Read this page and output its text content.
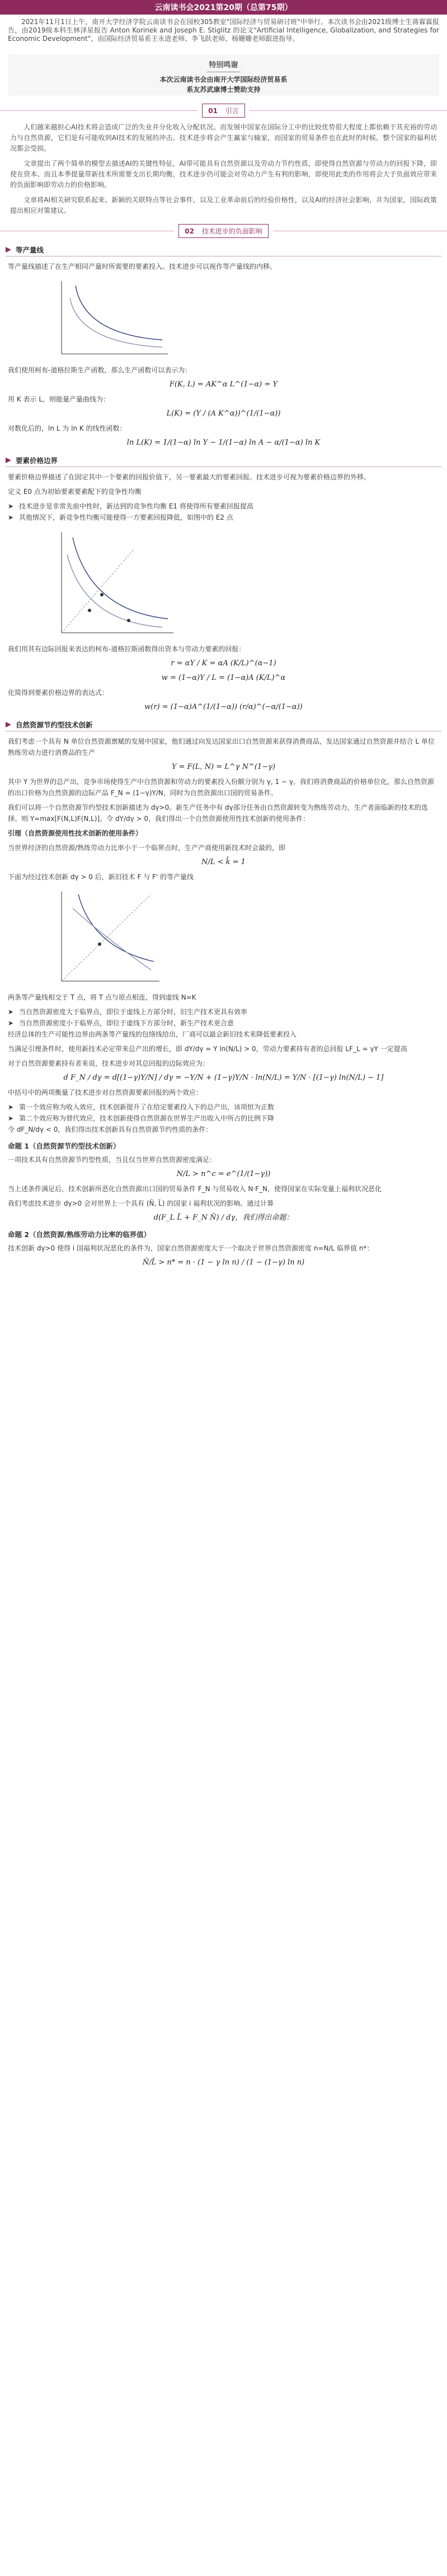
云南读书会2021第20期（总第75期）

2021年11月1日上午，南开大学经济学院云南读书会在园校305教室"国际经济与贸易研讨班"中举行。本次读书会由2021级博士生蒋霖霖报告，由2019级本科生林泽星报告 Anton Korinek and Joseph E. Stiglitz 的论文"Artificial Intelligence, Globalization, and Strategies for Economic Development"，由国际经济贸易系王永进老师、李飞跃老师、杨姗姗老师跟进指导。

特别鸣谢
本次云南读书会由南开大学国际经济贸易系
系友苏武康博士赞助支持
01 引言

人们越来越担心AI技术将会造成广泛的失业并分化收入分配状况。而发展中国家在国际分工中的比较优势很大程度上都依赖于其充裕的劳动力与自然资源，它们是有可能收到AI技术的发展的冲击。技术进步将会产生赢家与输家，而国家的贸易条件也在此时的时候。整个国家的福利状况都会受损。

文章提出了两个简单的模型去描述AI的关键性特征，AI带可能具有自然资源以及劳动力节约性质，即使得自然资源与劳动力的回报下降，即使在资本、而且本季提量带新技术所需要支出长期均衡，技术进步仍可能会对劳动力产生有利的影响，即使用此类的作用将会大于负面效应带来的负面影响即劳动力的价格影响。

文章将AI相关研究联系起来、新颖的关联特点等社会事件，以及工业革命前后的经验价格性，以及AI的经济社会影响，并为国家，国际政策提出相应对策建议。

02 技术进步的负面影响
等产量线

等产量线描述了在生产相同产量时所需要的要素投入。技术进步可以视作等产量线的内移。

我们使用柯布-道格拉斯生产函数，那么生产函数可以表示为：

F(K, L) = AK^α L^(1−α) = Y

用 K 表示 L，则能量产量曲线为：

L(K) = (Y / (A K^α))^(1/(1−α))

对数化后的，ln L 为 ln K 的线性函数：

ln L(K) = 1/(1−α) ln Y − 1/(1−α) ln A − α/(1−α) ln K
要素价格边界

要素价格边界描述了在固定其中一个要素的回报价值下，另一要素最大的要素回报。技术进步可视为要素价格边界的外移。

定义 E0 点为初始要素要素配下的竞争性均衡

➤ 技术进步是非常先前中性时，新达到的竞争性均衡 E1 将使得所有要素回报提高
➤ 其他情况下，新竞争性均衡可能使得一方要素回报降低，如图中的 E2 点

我们用其有边际回报来表达的柯布-道格拉斯函数得出资本与劳动力要素的回报：

r = αY / K = αA (K/L)^(α−1)
w = (1−α)Y / L = (1−α)A (K/L)^α

化简得到要素价格边界的表达式：

w(r) = (1−α)A^(1/(1−α)) (r/α)^(−α/(1−α))
自然资源节约型技术创新

我们考虑一个具有 N 单位自然资源禀赋的发展中国家，他们通过向发达国家出口自然资源来获得消费商品，发达国家通过自然资源并结合 L 单位熟练劳动力进行消费品的生产

Y = F(L, N) = L^γ N^(1−γ)

其中 Y 为世界的总产出，竞争市场使得生产中自然资源和劳动力的要素投入份额分别为 γ, 1 − γ。我们将消费商品的价格单位化，那么自然资源的出口价格为自然资源的边际产品 F_N = (1−γ)Y/N，同时为自然资源出口国的贸易条件。

我们可以将一个自然资源节约型技术创新描述为 dγ>0。新生产任务中有 dγ部分任务由自然资源转变为熟练劳动力，生产者面临新的技术的选择。则 Y=max[F(N,L)F(N,L)]。令 dY/dγ > 0，我们得出一个自然资源使用性技术创新的使用条件：

引理（自然资源使用性技术创新的使用条件）

当世界经济的自然资源/熟练劳动力比率小于一个临界点时，生产产商使用新技术时会最的，即

N/L < k̂ = 1

下面为经过技术创新 dγ > 0 后，新旧技术 F 与 F' 的等产量线

两条等产量线相交于 T 点，将 T 点与原点相连，得到虚线 N=K

➤ 当自然资源密度大于临界点，即位于虚线上方部分时，旧生产技术更具有效率
➤ 当自然资源密度小于临界点，即位于虚线下方部分时，新生产技术更合意

经济总体的生产可能性边界由两条等产量线的包络线给出，厂商可以最会新旧技术来降低要素投入

当满足引理条件时，使用新技术必定带来总产出的增长，即 dY/dγ = Y ln(N/L) > 0，劳动力要素持有者的总回报 LF_L = γY 一定提高

对于自然资源要素持有者来说，技术进步对其总回报的边际效应为：

d F_N / dγ = d[(1−γ)Y/N] / dγ = −Y/N + (1−γ)Y/N · ln(N/L) = Y/N · [(1−γ) ln(N/L) − 1]

中括号中的两项衡量了技术进步对自然资源要素回报的两个效应：

➤ 第一个效应称为收入效应，技术创新提升了在给定要素投入下的总产出，该项恒为正数
➤ 第二个效应称为替代效应，技术创新使得自然资源在世界生产出收入中所占的比例下降

令 dF_N/dγ < 0，我们得出技术创新具有自然资源节约性质的条件：

命题 1（自然资源节约型技术创新）

一项技术具有自然资源节约型性质，当且仅当世界自然资源密度满足：

N/L > n^c = e^(1/(1−γ))

当上述条件满足后，技术创新所恶化自然资源出口国的贸易条件 F_N 与贸易收入 N·F_N，使得国家在实际变量上福利状况恶化

我们考虑技术进步 dγ>0 会对世界上一个具有 (Ñ, L̃) 的国家 i 福利状况的影响。通过计算

d(F_L L̃ + F_N Ñ) / dγ，我们得出命题：
命题 2（自然资源/熟练劳动力比率的临界值）

技术创新 dγ>0 使得 i 国福利状况恶化的条件为，国家自然资源密度大于一个取决于世界自然资源密度 n=N/L 临界值 n*：

Ñ/L̃ > n* = n · (1 − γ ln n) / (1 − (1−γ) ln n)
